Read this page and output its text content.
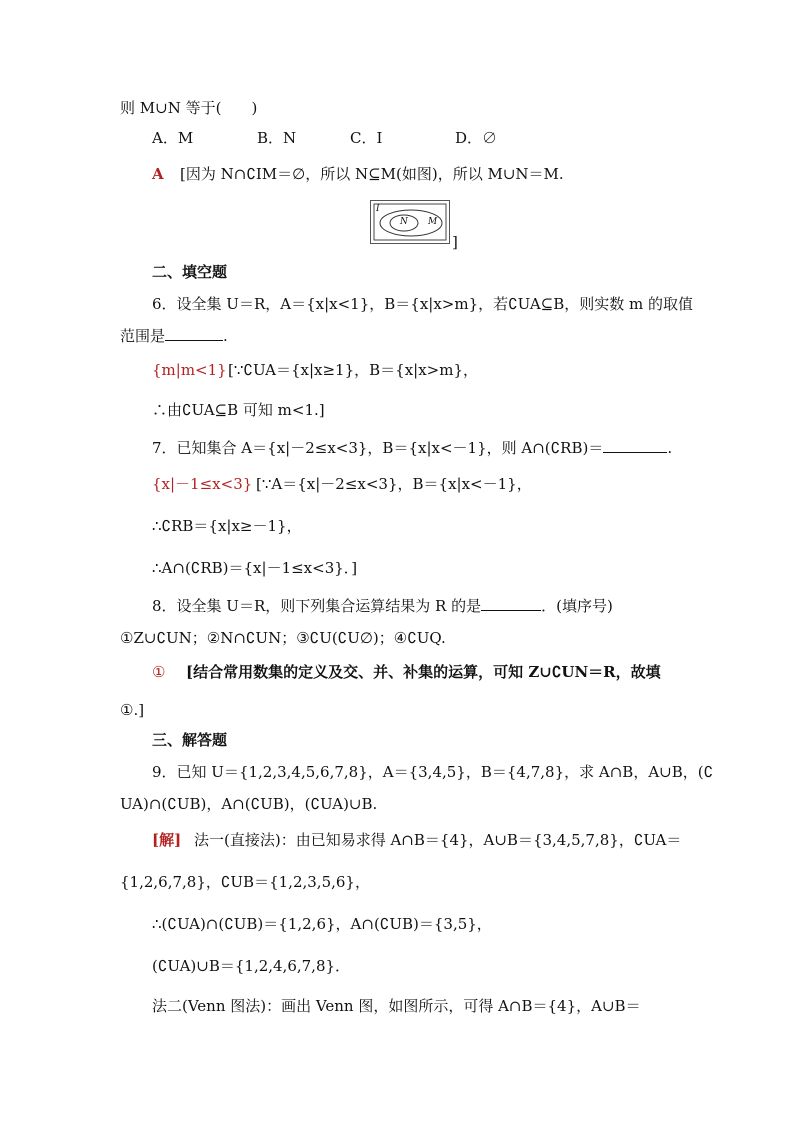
则 M∪N 等于(　　)
A．M	B．N	C．I	D．∅
A [因为 N∩∁IM＝∅，所以 N⊆M(如图)，所以 M∪N＝M.
I
N M
]
二、填空题
6．设全集 U＝R，A＝{x|x<1}，B＝{x|x>m}，若∁UA⊆B，则实数 m 的取值
范围是	.
{m|m<1} [∵∁UA＝{x|x≥1}，B＝{x|x>m}，
∴由∁UA⊆B 可知 m<1.]
7．已知集合 A＝{x|－2≤x<3}，B＝{x|x<－1}，则 A∩(∁RB)＝	.
{x|－1≤x<3} [∵A＝{x|－2≤x<3}，B＝{x|x<－1}，
∴∁RB＝{x|x≥－1}，
∴A∩(∁RB)＝{x|－1≤x<3}．]
8．设全集 U＝R，则下列集合运算结果为 R 的是	．(填序号)
①Z∪∁UN；②N∩∁UN；③∁U(∁U∅)；④∁UQ.
① [结合常用数集的定义及交、并、补集的运算，可知 Z∪∁UN＝R，故填
①.]
三、解答题
9．已知 U＝{1,2,3,4,5,6,7,8}，A＝{3,4,5}，B＝{4,7,8}，求 A∩B，A∪B，(∁
UA)∩(∁UB)，A∩(∁UB)，(∁UA)∪B.
[解] 法一(直接法)：由已知易求得 A∩B＝{4}，A∪B＝{3,4,5,7,8}，∁UA＝
{1,2,6,7,8}，∁UB＝{1,2,3,5,6}，
∴(∁UA)∩(∁UB)＝{1,2,6}，A∩(∁UB)＝{3,5}，
(∁UA)∪B＝{1,2,4,6,7,8}．
法二(Venn 图法)：画出 Venn 图，如图所示，可得 A∩B＝{4}，A∪B＝
